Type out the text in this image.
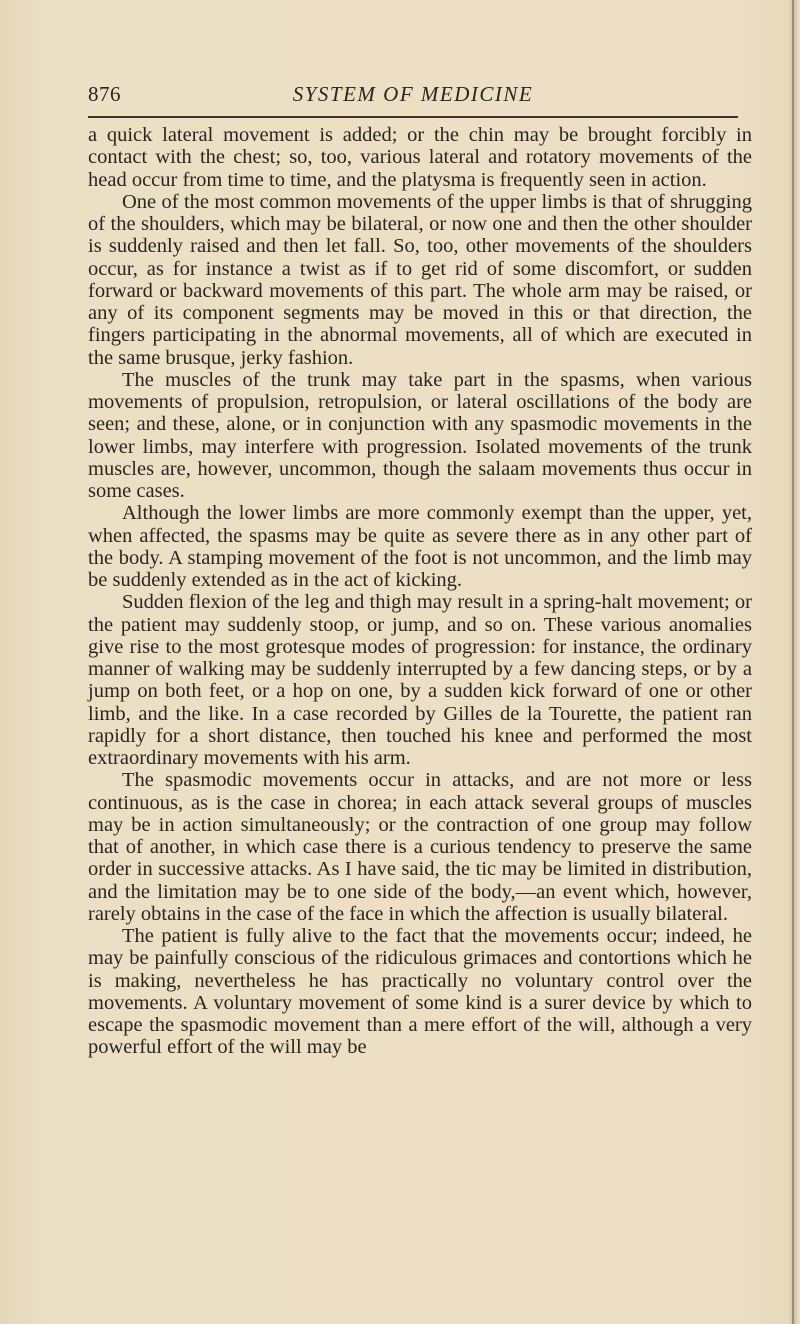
876	SYSTEM OF MEDICINE

a quick lateral movement is added; or the chin may be brought forcibly in contact with the chest; so, too, various lateral and rotatory movements of the head occur from time to time, and the platysma is frequently seen in action.

One of the most common movements of the upper limbs is that of shrugging of the shoulders, which may be bilateral, or now one and then the other shoulder is suddenly raised and then let fall. So, too, other movements of the shoulders occur, as for instance a twist as if to get rid of some discomfort, or sudden forward or backward movements of this part. The whole arm may be raised, or any of its component segments may be moved in this or that direction, the fingers participating in the abnormal movements, all of which are executed in the same brusque, jerky fashion.

The muscles of the trunk may take part in the spasms, when various movements of propulsion, retropulsion, or lateral oscillations of the body are seen; and these, alone, or in conjunction with any spasmodic movements in the lower limbs, may interfere with progression. Isolated movements of the trunk muscles are, however, uncommon, though the salaam movements thus occur in some cases.

Although the lower limbs are more commonly exempt than the upper, yet, when affected, the spasms may be quite as severe there as in any other part of the body. A stamping movement of the foot is not uncommon, and the limb may be suddenly extended as in the act of kicking.

Sudden flexion of the leg and thigh may result in a spring-halt movement; or the patient may suddenly stoop, or jump, and so on. These various anomalies give rise to the most grotesque modes of progression: for instance, the ordinary manner of walking may be suddenly interrupted by a few dancing steps, or by a jump on both feet, or a hop on one, by a sudden kick forward of one or other limb, and the like. In a case recorded by Gilles de la Tourette, the patient ran rapidly for a short distance, then touched his knee and performed the most extraordinary movements with his arm.

The spasmodic movements occur in attacks, and are not more or less continuous, as is the case in chorea; in each attack several groups of muscles may be in action simultaneously; or the contraction of one group may follow that of another, in which case there is a curious tendency to preserve the same order in successive attacks. As I have said, the tic may be limited in distribution, and the limitation may be to one side of the body,—an event which, however, rarely obtains in the case of the face in which the affection is usually bilateral.

The patient is fully alive to the fact that the movements occur; indeed, he may be painfully conscious of the ridiculous grimaces and contortions which he is making, nevertheless he has practically no voluntary control over the movements. A voluntary movement of some kind is a surer device by which to escape the spasmodic movement than a mere effort of the will, although a very powerful effort of the will may be
